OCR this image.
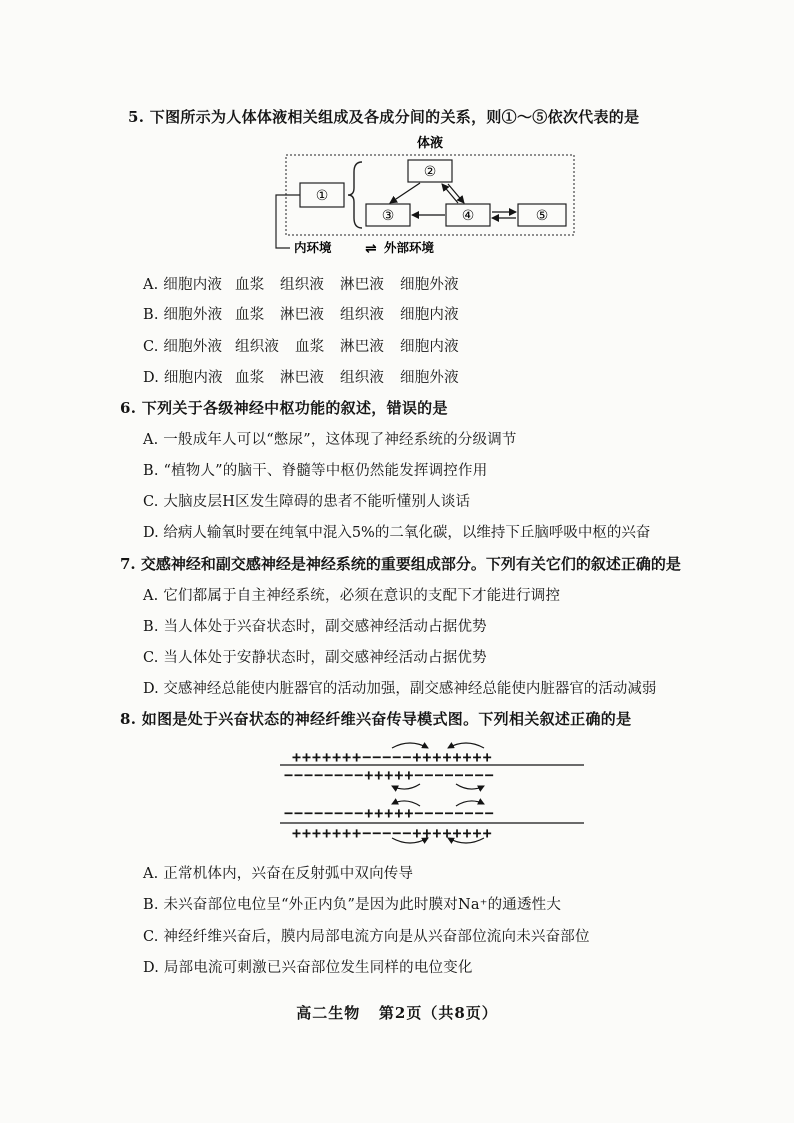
5. 下图所示为人体体液相关组成及各成分间的关系，则①～⑤依次代表的是
体液
①
②
③	④	⑤
内环境 ⇌ 外部环境
A. 细胞内液 血浆 组织液 淋巴液 细胞外液
B. 细胞外液 血浆 淋巴液 组织液 细胞内液
C. 细胞外液 组织液 血浆 淋巴液 细胞内液
D. 细胞内液 血浆 淋巴液 组织液 细胞外液
6. 下列关于各级神经中枢功能的叙述，错误的是
A. 一般成年人可以“憋尿”，这体现了神经系统的分级调节
B. “植物人”的脑干、脊髓等中枢仍然能发挥调控作用
C. 大脑皮层H区发生障碍的患者不能听懂别人谈话
D. 给病人输氧时要在纯氧中混入5%的二氧化碳，以维持下丘脑呼吸中枢的兴奋
7. 交感神经和副交感神经是神经系统的重要组成部分。下列有关它们的叙述正确的是
A. 它们都属于自主神经系统，必须在意识的支配下才能进行调控
B. 当人体处于兴奋状态时，副交感神经活动占据优势
C. 当人体处于安静状态时，副交感神经活动占据优势
D. 交感神经总能使内脏器官的活动加强，副交感神经总能使内脏器官的活动减弱
8. 如图是处于兴奋状态的神经纤维兴奋传导模式图。下列相关叙述正确的是
+++++++−−−−−++++++++
−−−−−−−−+++++−−−−−−−−
−−−−−−−−+++++−−−−−−−−
+++++++−−−−−++++++++
A. 正常机体内，兴奋在反射弧中双向传导
B. 未兴奋部位电位呈“外正内负”是因为此时膜对Na⁺的通透性大
C. 神经纤维兴奋后，膜内局部电流方向是从兴奋部位流向未兴奋部位
D. 局部电流可刺激已兴奋部位发生同样的电位变化
高二生物   第2页（共8页）
